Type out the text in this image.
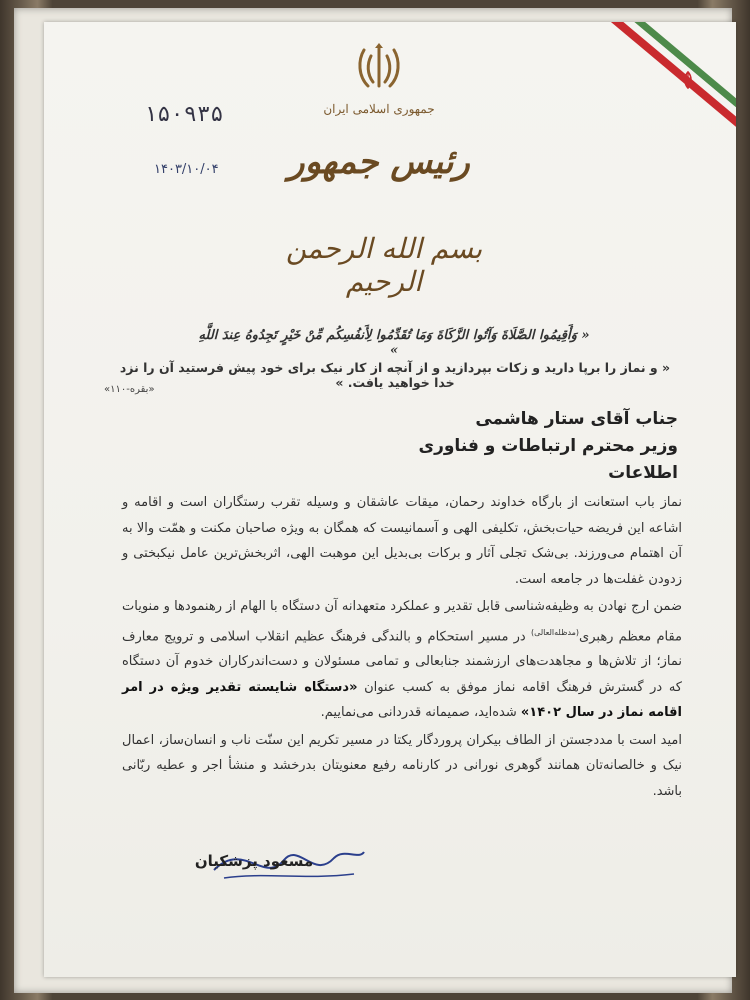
جمهوری اسلامی ایران
رئیس جمهور
۱۵۰۹۳۵
۱۴۰۳/۱۰/۰۴
بسم الله الرحمن الرحیم
« وَأَقِیمُوا الصَّلَاةَ وَآتُوا الزَّکَاةَ وَمَا تُقَدِّمُوا لِأَنفُسِکُم مِّنْ خَیْرٍ تَجِدُوهُ عِندَ اللَّهِ »
« و نماز را برپا دارید و زکات بپردازید و از آنچه از کار نیک برای خود پیش فرستید آن را نزد خدا خواهید یافت. »
«بقره-۱۱۰»
جناب آقای ستار هاشمی
وزیر محترم ارتباطات و فناوری اطلاعات

نماز باب استعانت از بارگاه خداوند رحمان، میقات عاشقان و وسیله تقرب رستگاران است و اقامه و اشاعه این فریضه حیات‌بخش، تکلیفی الهی و آسمانیست که همگان به ویژه صاحبان مکنت و همّت والا به آن اهتمام می‌ورزند. بی‌شک تجلی آثار و برکات بی‌بدیل این موهبت الهی، اثربخش‌ترین عامل نیکبختی و زدودن غفلت‌ها در جامعه است.

ضمن ارج نهادن به وظیفه‌شناسی قابل تقدیر و عملکرد متعهدانه آن دستگاه با الهام از رهنمودها و منویات مقام معظم رهبری$^{(مدظله‌العالی)}$ در مسیر استحکام و بالندگی فرهنگ عظیم انقلاب اسلامی و ترویج معارف نماز؛ از تلاش‌ها و مجاهدت‌های ارزشمند جنابعالی و تمامی مسئولان و دست‌اندرکاران خدوم آن دستگاه که در گسترش فرهنگ اقامه نماز موفق به کسب عنوان «دستگاه شایسته تقدیر ویژه در امر اقامه نماز در سال ۱۴۰۲» شده‌اید، صمیمانه قدردانی می‌نماییم.

امید است با مددجستن از الطاف بیکران پروردگار یکتا در مسیر تکریم این سنّت ناب و انسان‌ساز، اعمال نیک و خالصانه‌تان همانند گوهری نورانی در کارنامه رفیع معنویتان بدرخشد و منشأ اجر و عطیه ربّانی باشد.

مسعود پزشکیان
